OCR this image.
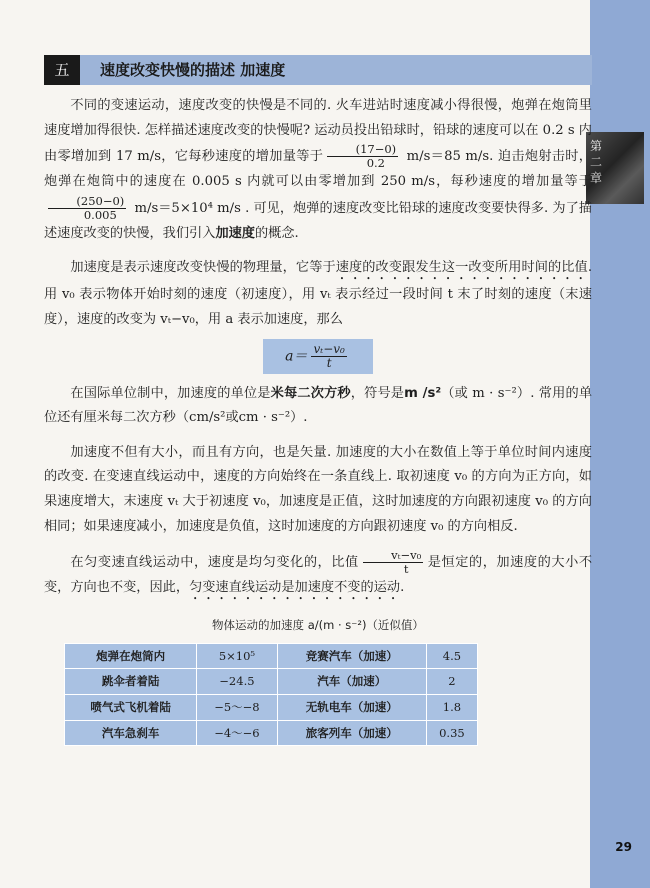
第二章
五	速度改变快慢的描述 加速度

不同的变速运动，速度改变的快慢是不同的. 火车进站时速度减小得很慢，炮弹在炮筒里速度增加得很快. 怎样描述速度改变的快慢呢? 运动员投出铅球时，铅球的速度可以在 0.2 s 内由零增加到 17 m/s，它每秒速度的增加量等于 $\frac{(17-0)}{0.2} m/s=85$ m/s. 迫击炮射击时，炮弹在炮筒中的速度在 0.005 s 内就可以由零增加到 250 m/s，每秒速度的增加量等于
$\frac{(250-0)}{0.005} m/s=5\times 10^4$ m/s . 可见，炮弹的速度改变比铅球的速度改变要快得多. 为了描述速度改变的快慢，我们引入加速度的概念.

加速度是表示速度改变快慢的物理量，它等于速度的改变跟发生这一改变所用时间的比值. 用 v₀ 表示物体开始时刻的速度（初速度），用 vₜ 表示经过一段时间 t 末了时刻的速度（末速度），速度的改变为 vₜ−v₀，用 a 表示加速度，那么

$a= \frac{\text{vₜ−v₀}}{t}$

在国际单位制中，加速度的单位是米每二次方秒，符号是m /s²（或 m · s⁻²）. 常用的单位还有厘米每二次方秒（cm/s²或cm · s⁻²）.

加速度不但有大小，而且有方向，也是矢量. 加速度的大小在数值上等于单位时间内速度的改变. 在变速直线运动中，速度的方向始终在一条直线上. 取初速度 v₀ 的方向为正方向，如果速度增大，末速度 vₜ 大于初速度 v₀，加速度是正值，这时加速度的方向跟初速度 v₀ 的方向相同；如果速度减小，加速度是负值，这时加速度的方向跟初速度 v₀ 的方向相反.

在匀变速直线运动中，速度是均匀变化的，比值 $\frac{\text{vₜ−v₀}}{t}$ 是恒定的，加速度的大小不变，方向也不变，因此，匀变速直线运动是加速度不变的运动.

物体运动的加速度 a/(m · s⁻²)（近似值）
炮弹在炮筒内	5×10⁵	竞赛汽车（加速）	4.5
跳伞者着陆	−24.5	汽车（加速）	2
喷气式飞机着陆	−5～−8	无轨电车（加速）	1.8
汽车急刹车	−4～−6	旅客列车（加速）	0.35
29
